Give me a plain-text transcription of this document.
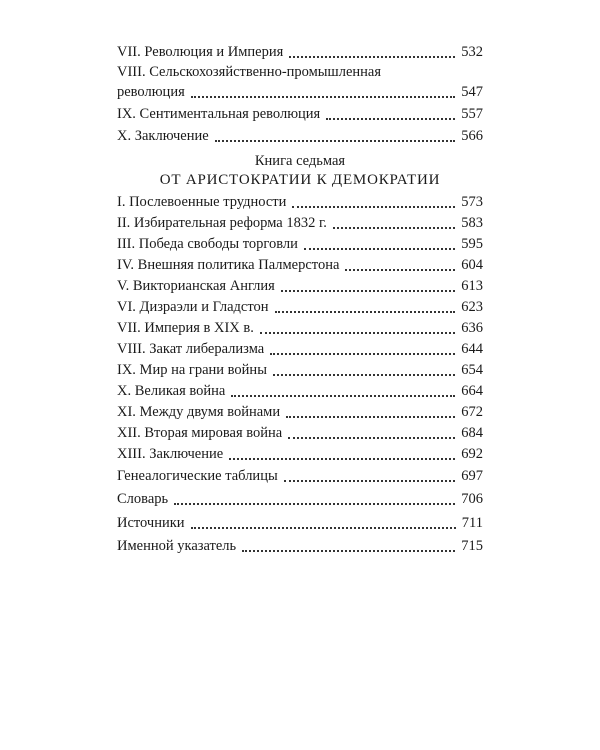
VII. Революция и Империя	532
VIII. Сельскохозяйственно-промышленная
революция	547
IX. Сентиментальная революция	557
X. Заключение	566
Книга седьмая
ОТ АРИСТОКРАТИИ К ДЕМОКРАТИИ
I. Послевоенные трудности	573
II. Избирательная реформа 1832 г.	583
III. Победа свободы торговли	595
IV. Внешняя политика Палмерстона	604
V. Викторианская Англия	613
VI. Дизраэли и Гладстон	623
VII. Империя в XIX в.	636
VIII. Закат либерализма	644
IX. Мир на грани войны	654
X. Великая война	664
XI. Между двумя войнами	672
XII. Вторая мировая война	684
XIII. Заключение	692
Генеалогические таблицы	697
Словарь	706
Источники	711
Именной указатель	715
